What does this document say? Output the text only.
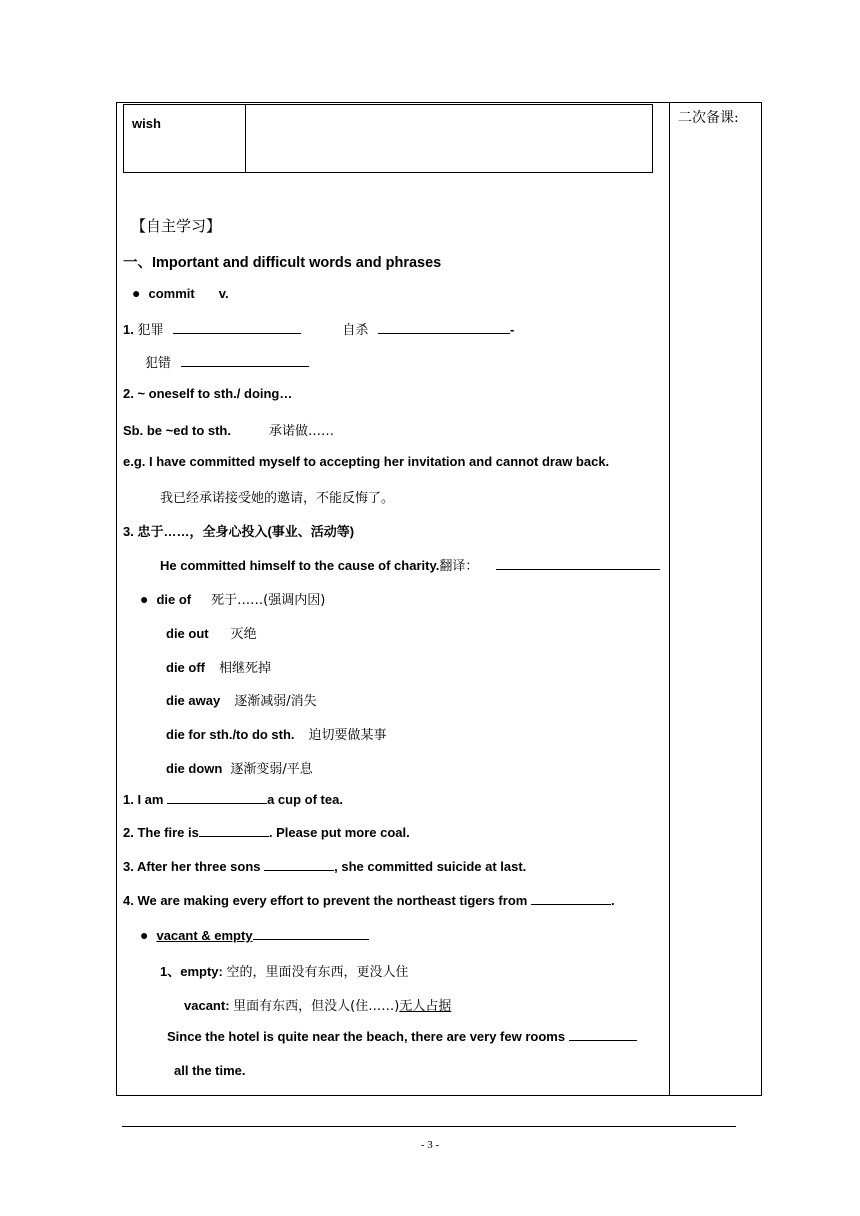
二次备课:
wish
【自主学习】
一、Important and difficult words and phrases
● commit v.
1. 犯罪	自杀	-
犯错
2. ~ oneself to sth./ doing…
Sb. be ~ed to sth.	承诺做……
e.g. I have committed myself to accepting her invitation and cannot draw back.
我已经承诺接受她的邀请，不能反悔了。
3. 忠于……，全身心投入(事业、活动等)
He committed himself to the cause of charity.翻译：
● die of 死于……(强调内因)
die out 灭绝
die off 相继死掉
die away 逐渐减弱/消失
die for sth./to do sth. 迫切要做某事
die down 逐渐变弱/平息
1. I am	a cup of tea.
2. The fire is	. Please put more coal.
3. After her three sons	, she committed suicide at last.
4. We are making every effort to prevent the northeast tigers from	.
● vacant & empty
1、empty: 空的，里面没有东西，更没人住
vacant: 里面有东西，但没人(住……)无人占据
Since the hotel is quite near the beach, there are very few rooms
all the time.
- 3 -
